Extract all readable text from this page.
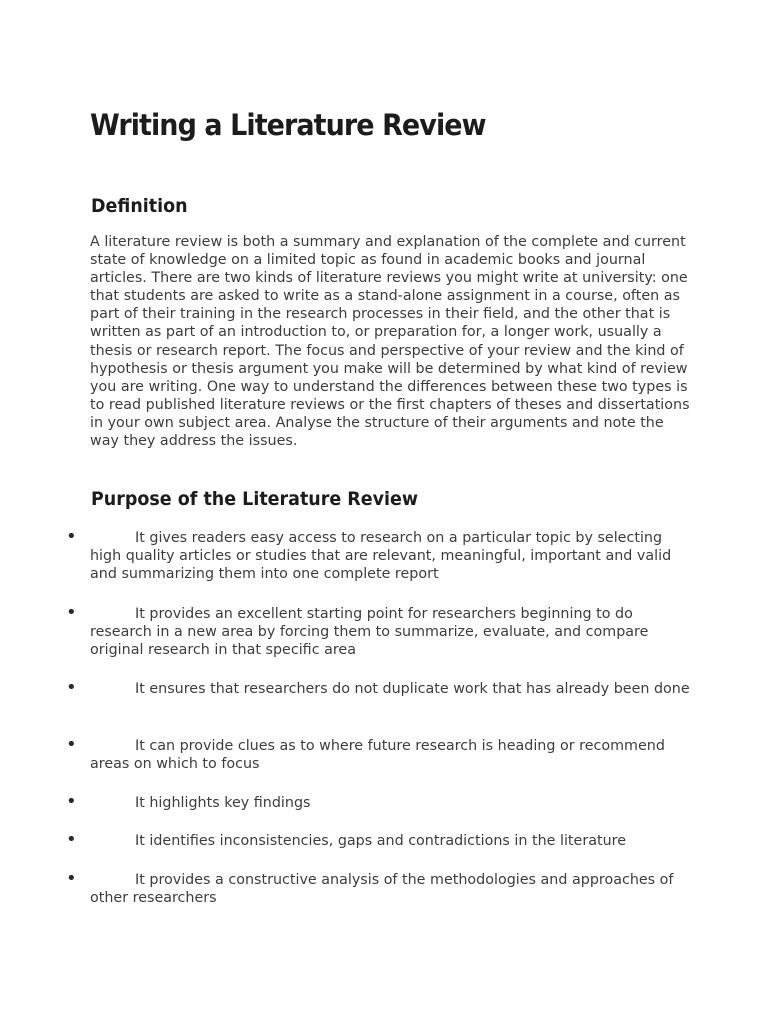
Writing a Literature Review
Definition

A literature review is both a summary and explanation of the complete and current state of knowledge on a limited topic as found in academic books and journal articles. There are two kinds of literature reviews you might write at university: one that students are asked to write as a stand-alone assignment in a course, often as part of their training in the research processes in their field, and the other that is written as part of an introduction to, or preparation for, a longer work, usually a thesis or research report. The focus and perspective of your review and the kind of hypothesis or thesis argument you make will be determined by what kind of review you are writing. One way to understand the differences between these two types is to read published literature reviews or the first chapters of theses and dissertations in your own subject area. Analyse the structure of their arguments and note the way they address the issues.

Purpose of the Literature Review
•	It gives readers easy access to research on a particular topic by selecting high quality articles or studies that are relevant, meaningful, important and valid and summarizing them into one complete report

•	It provides an excellent starting point for researchers beginning to do research in a new area by forcing them to summarize, evaluate, and compare original research in that specific area

•	It ensures that researchers do not duplicate work that has already been done

•	It can provide clues as to where future research is heading or recommend areas on which to focus

•	It highlights key findings

•	It identifies inconsistencies, gaps and contradictions in the literature

•	It provides a constructive analysis of the methodologies and approaches of other researchers
